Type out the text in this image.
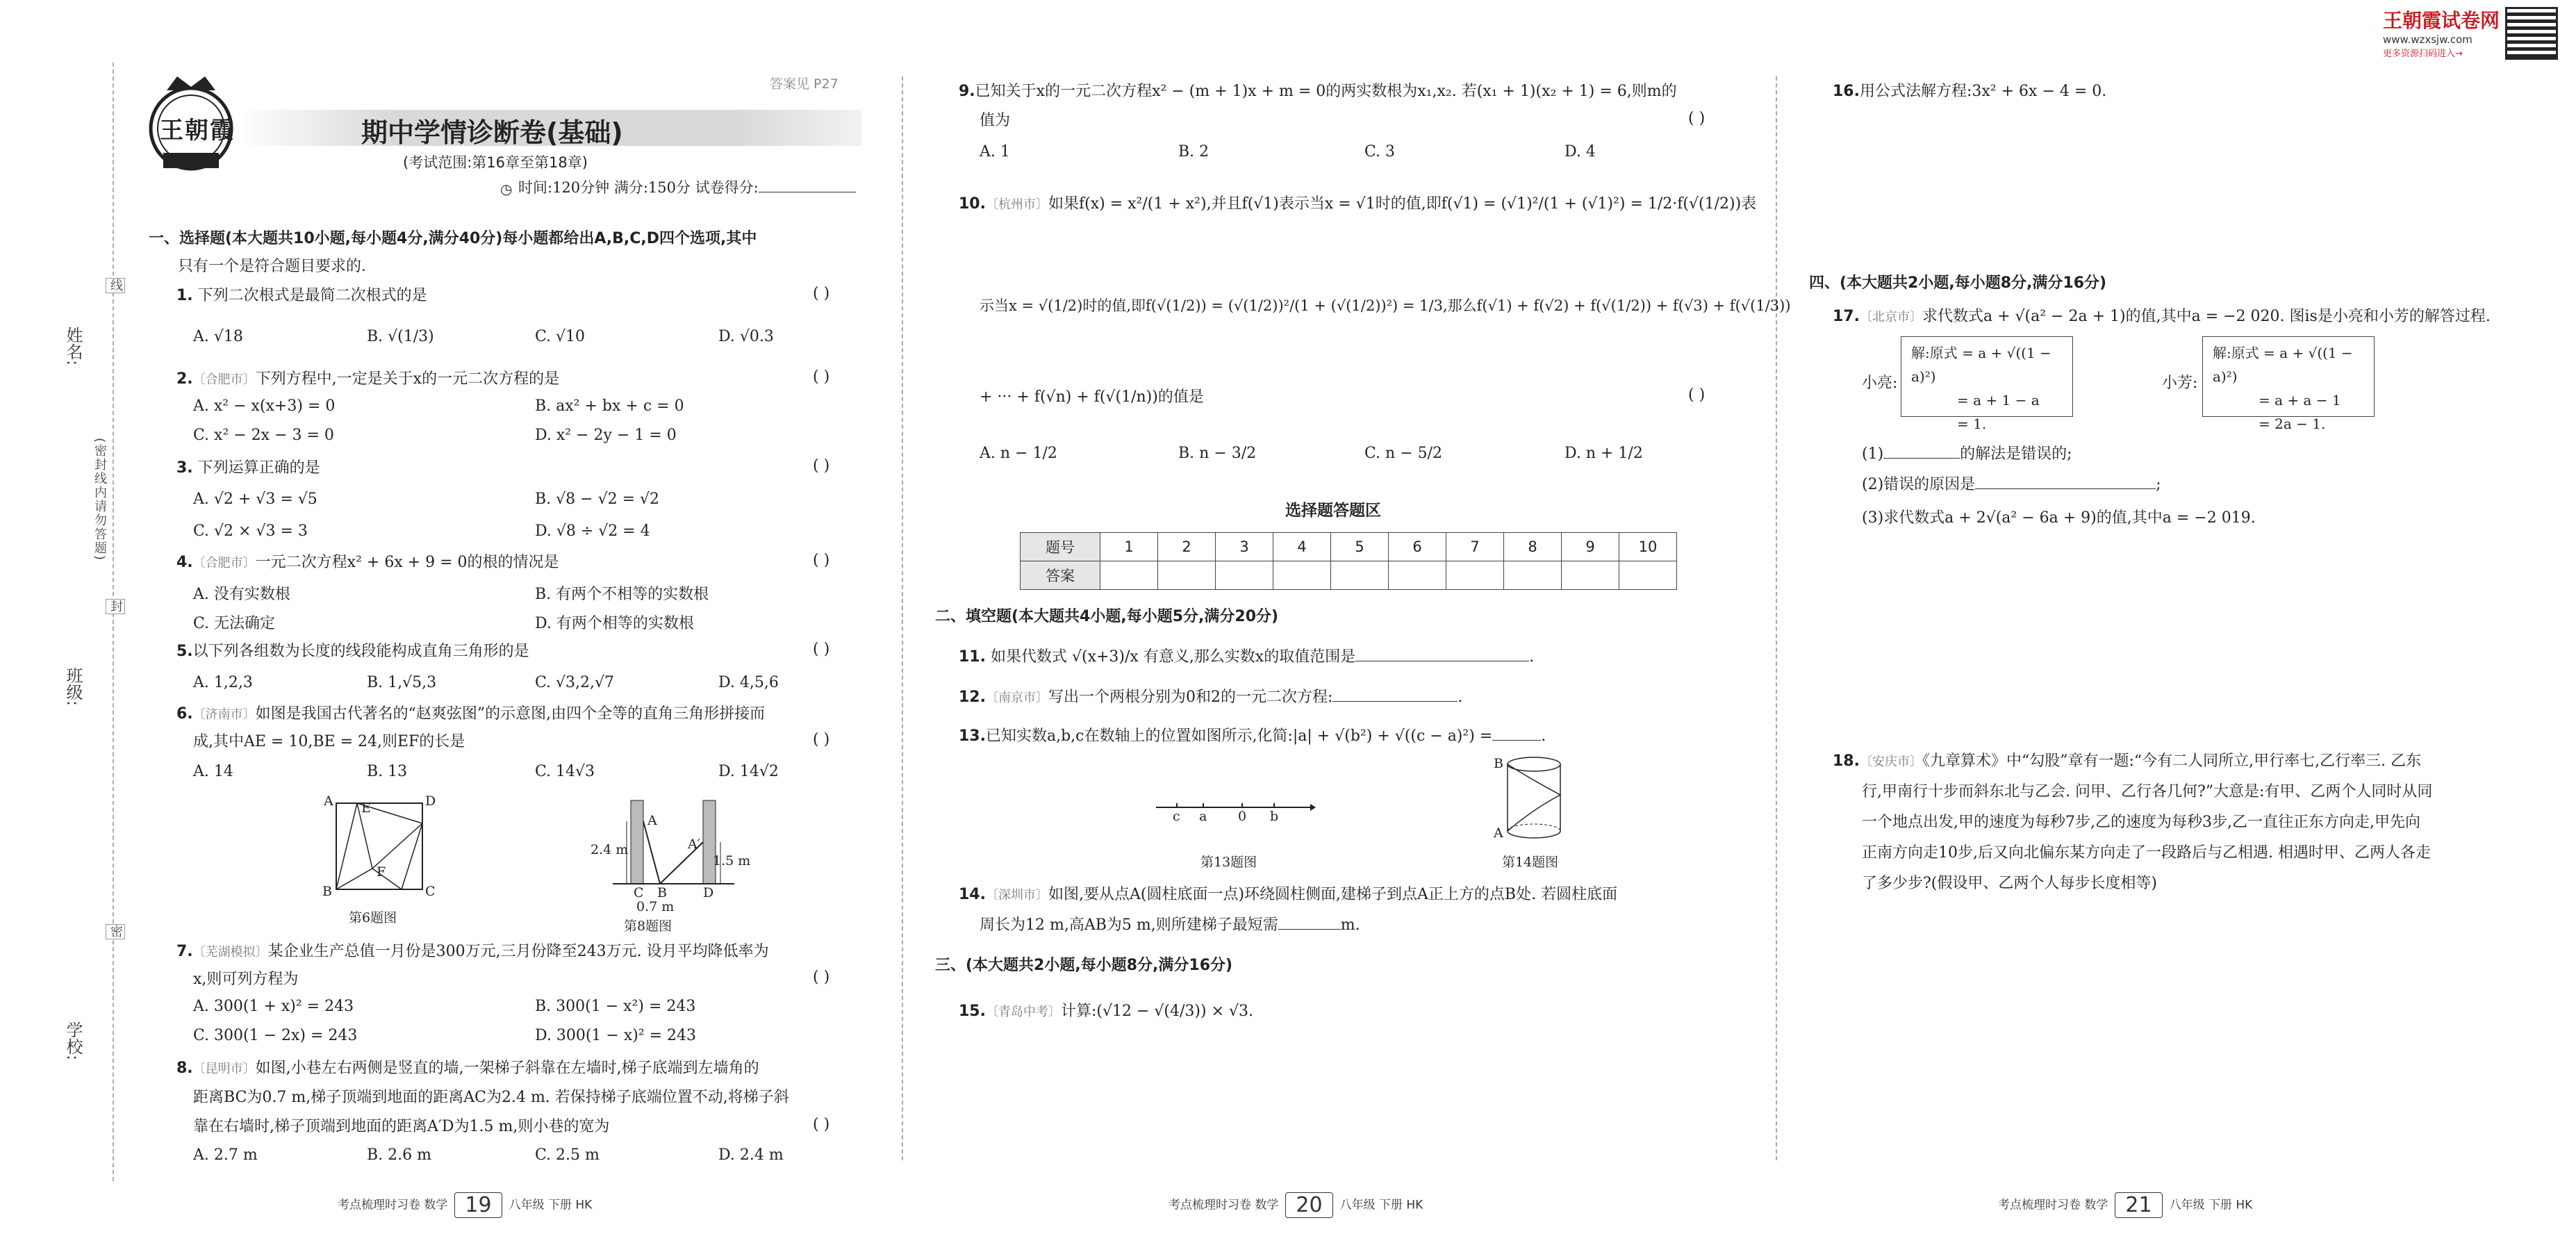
姓名:
班级:
学校:
(密封线内请勿答题)
线
封
密
王朝霞	期中学情诊断卷(基础)
答案见 P27
(考试范围:第16章至第18章)
◷ 时间:120分钟 满分:150分 试卷得分:
一、选择题(本大题共10小题,每小题4分,满分40分)每小题都给出A,B,C,D四个选项,其中
只有一个是符合题目要求的.
1. 下列二次根式是最简二次根式的是	( )
A. √18	B. √(1/3)	C. √10	D. √0.3
2.〔合肥市〕下列方程中,一定是关于x的一元二次方程的是	( )
A. x² − x(x+3) = 0	B. ax² + bx + c = 0
C. x² − 2x − 3 = 0	D. x² − 2y − 1 = 0
3. 下列运算正确的是	( )
A. √2 + √3 = √5	B. √8 − √2 = √2
C. √2 × √3 = 3	D. √8 ÷ √2 = 4
4.〔合肥市〕一元二次方程x² + 6x + 9 = 0的根的情况是	( )
A. 没有实数根	B. 有两个不相等的实数根
C. 无法确定	D. 有两个相等的实数根
5.以下列各组数为长度的线段能构成直角三角形的是	( )
A. 1,2,3	B. 1,√5,3	C. √3,2,√7	D. 4,5,6
6.〔济南市〕如图是我国古代著名的“赵爽弦图”的示意图,由四个全等的直角三角形拼接而
成,其中AE = 10,BE = 24,则EF的长是	( )
A. 14	B. 13	C. 14√3	D. 14√2
A E	D
F
B	C
第6题图
A
A′
2.4 m
1.5 m
C B	D
0.7 m
第8题图
7.〔芜湖模拟〕某企业生产总值一月份是300万元,三月份降至243万元. 设月平均降低率为
x,则可列方程为	( )
A. 300(1 + x)² = 243	B. 300(1 − x²) = 243
C. 300(1 − 2x) = 243	D. 300(1 − x)² = 243
8.〔昆明市〕如图,小巷左右两侧是竖直的墙,一架梯子斜靠在左墙时,梯子底端到左墙角的
距离BC为0.7 m,梯子顶端到地面的距离AC为2.4 m. 若保持梯子底端位置不动,将梯子斜
靠在右墙时,梯子顶端到地面的距离A′D为1.5 m,则小巷的宽为	( )
A. 2.7 m	B. 2.6 m	C. 2.5 m	D. 2.4 m
9.已知关于x的一元二次方程x² − (m + 1)x + m = 0的两实数根为x₁,x₂. 若(x₁ + 1)(x₂ + 1) = 6,则m的
值为	( )
A. 1	B. 2	C. 3	D. 4
10.〔杭州市〕如果f(x) = x²/(1 + x²),并且f(√1)表示当x = √1时的值,即f(√1) = (√1)²/(1 + (√1)²) = 1/2·f(√(1/2))表
示当x = √(1/2)时的值,即f(√(1/2)) = (√(1/2))²/(1 + (√(1/2))²) = 1/3,那么f(√1) + f(√2) + f(√(1/2)) + f(√3) + f(√(1/3))
+ ··· + f(√n) + f(√(1/n))的值是	( )
A. n − 1/2	B. n − 3/2	C. n − 5/2	D. n + 1/2
选择题答题区
题号	1	2	3	4	5	6	7	8	9	10
答案										
二、填空题(本大题共4小题,每小题5分,满分20分)
11. 如果代数式 √(x+3)/x 有意义,那么实数x的取值范围是	.
12.〔南京市〕写出一个两根分别为0和2的一元二次方程:	.
13.已知实数a,b,c在数轴上的位置如图所示,化简:|a| + √(b²) + √((c − a)²) =	.
c a 0 b
第13题图
B
A
第14题图
14.〔深圳市〕如图,要从点A(圆柱底面一点)环绕圆柱侧面,建梯子到点A正上方的点B处. 若圆柱底面
周长为12 m,高AB为5 m,则所建梯子最短需	m.
三、(本大题共2小题,每小题8分,满分16分)
15.〔青岛中考〕计算:(√12 − √(4/3)) × √3.
王朝霞试卷网
www.wzxsjw.com
更多资源扫码进入→
16.用公式法解方程:3x² + 6x − 4 = 0.
四、(本大题共2小题,每小题8分,满分16分)
17.〔北京市〕求代数式a + √(a² − 2a + 1)的值,其中a = −2 020. 图is是小亮和小芳的解答过程.
小亮:
解:原式 = a + √((1 − a)²)
= a + 1 − a
= 1.
小芳:
解:原式 = a + √((1 − a)²)
= a + a − 1
= 2a − 1.
(1)	的解法是错误的;
(2)错误的原因是	;
(3)求代数式a + 2√(a² − 6a + 9)的值,其中a = −2 019.
18.〔安庆市〕《九章算术》中“勾股”章有一题:“今有二人同所立,甲行率七,乙行率三. 乙东
行,甲南行十步而斜东北与乙会. 问甲、乙行各几何?”大意是:有甲、乙两个人同时从同
一个地点出发,甲的速度为每秒7步,乙的速度为每秒3步,乙一直往正东方向走,甲先向
正南方向走10步,后又向北偏东某方向走了一段路后与乙相遇. 相遇时甲、乙两人各走
了多少步?(假设甲、乙两个人每步长度相等)
考点梳理时习卷 数学 19 八年级 下册 HK	考点梳理时习卷 数学 20 八年级 下册 HK	考点梳理时习卷 数学 21 八年级 下册 HK
